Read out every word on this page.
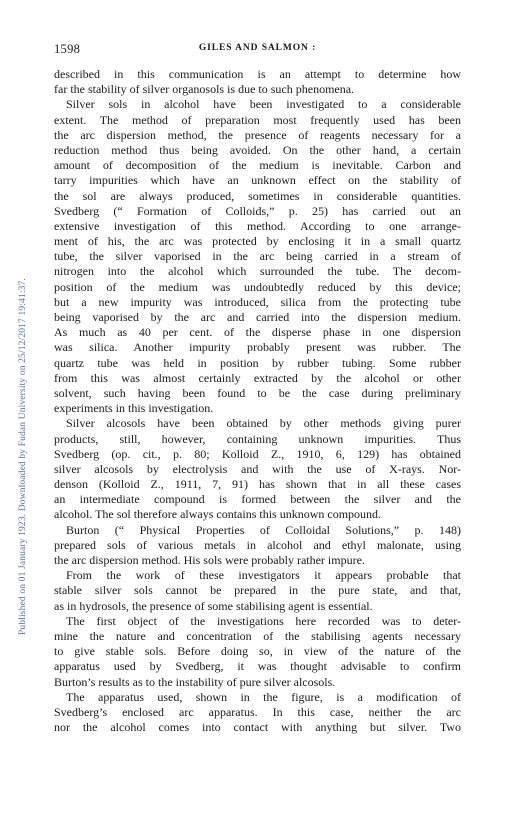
1598	GILES AND SALMON :
Published on 01 January 1923. Downloaded by Fudan University on 25/12/2017 19:41:37.
described in this communication is an attempt to determine how
far the stability of silver organosols is due to such phenomena.
Silver sols in alcohol have been investigated to a considerable
extent. The method of preparation most frequently used has been
the arc dispersion method, the presence of reagents necessary for a
reduction method thus being avoided. On the other hand, a certain
amount of decomposition of the medium is inevitable. Carbon and
tarry impurities which have an unknown effect on the stability of
the sol are always produced, sometimes in considerable quantities.
Svedberg (“ Formation of Colloids,” p. 25) has carried out an
extensive investigation of this method. According to one arrange-
ment of his, the arc was protected by enclosing it in a small quartz
tube, the silver vaporised in the arc being carried in a stream of
nitrogen into the alcohol which surrounded the tube. The decom-
position of the medium was undoubtedly reduced by this device;
but a new impurity was introduced, silica from the protecting tube
being vaporised by the arc and carried into the dispersion medium.
As much as 40 per cent. of the disperse phase in one dispersion
was silica. Another impurity probably present was rubber. The
quartz tube was held in position by rubber tubing. Some rubber
from this was almost certainly extracted by the alcohol or other
solvent, such having been found to be the case during preliminary
experiments in this investigation.
Silver alcosols have been obtained by other methods giving purer
products, still, however, containing unknown impurities. Thus
Svedberg (op. cit., p. 80; Kolloid Z., 1910, 6, 129) has obtained
silver alcosols by electrolysis and with the use of X-rays. Nor-
denson (Kolloid Z., 1911, 7, 91) has shown that in all these cases
an intermediate compound is formed between the silver and the
alcohol. The sol therefore always contains this unknown compound.
Burton (“ Physical Properties of Colloidal Solutions,” p. 148)
prepared sols of various metals in alcohol and ethyl malonate, using
the arc dispersion method. His sols were probably rather impure.
From the work of these investigators it appears probable that
stable silver sols cannot be prepared in the pure state, and that,
as in hydrosols, the presence of some stabilising agent is essential.
The first object of the investigations here recorded was to deter-
mine the nature and concentration of the stabilising agents necessary
to give stable sols. Before doing so, in view of the nature of the
apparatus used by Svedberg, it was thought advisable to confirm
Burton’s results as to the instability of pure silver alcosols.
The apparatus used, shown in the figure, is a modification of
Svedberg’s enclosed arc apparatus. In this case, neither the arc
nor the alcohol comes into contact with anything but silver. Two
